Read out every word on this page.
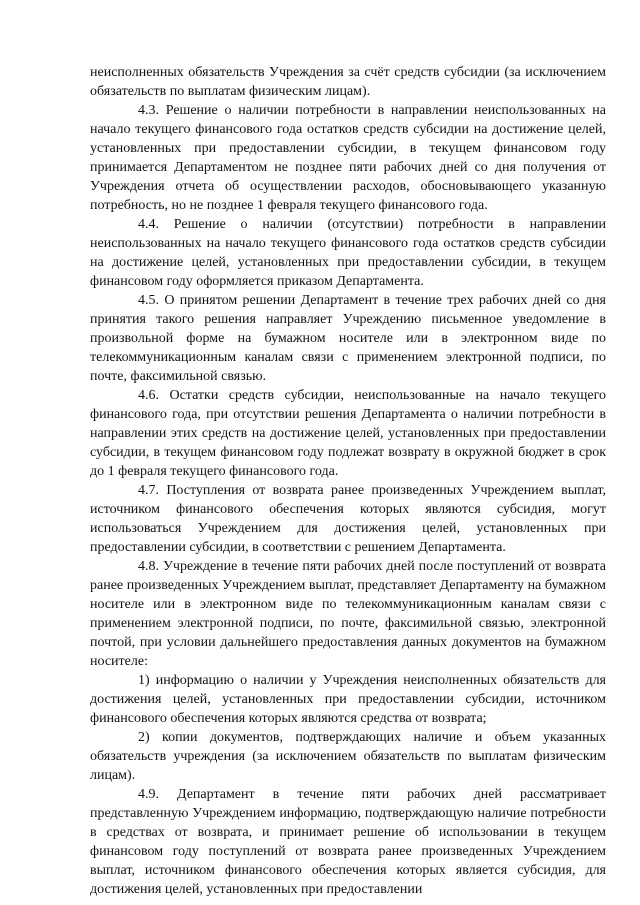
неисполненных обязательств Учреждения за счёт средств субсидии (за исключением обязательств по выплатам физическим лицам).

4.3. Решение о наличии потребности в направлении неиспользованных на начало текущего финансового года остатков средств субсидии на достижение целей, установленных при предоставлении субсидии, в текущем финансовом году принимается Департаментом не позднее пяти рабочих дней со дня получения от Учреждения отчета об осуществлении расходов, обосновывающего указанную потребность, но не позднее 1 февраля текущего финансового года.

4.4. Решение о наличии (отсутствии) потребности в направлении неиспользованных на начало текущего финансового года остатков средств субсидии на достижение целей, установленных при предоставлении субсидии, в текущем финансовом году оформляется приказом Департамента.

4.5. О принятом решении Департамент в течение трех рабочих дней со дня принятия такого решения направляет Учреждению письменное уведомление в произвольной форме на бумажном носителе или в электронном виде по телекоммуникационным каналам связи с применением электронной подписи, по почте, факсимильной связью.

4.6. Остатки средств субсидии, неиспользованные на начало текущего финансового года, при отсутствии решения Департамента о наличии потребности в направлении этих средств на достижение целей, установленных при предоставлении субсидии, в текущем финансовом году подлежат возврату в окружной бюджет в срок до 1 февраля текущего финансового года.

4.7. Поступления от возврата ранее произведенных Учреждением выплат, источником финансового обеспечения которых являются субсидия, могут использоваться Учреждением для достижения целей, установленных при предоставлении субсидии, в соответствии с решением Департамента.

4.8. Учреждение в течение пяти рабочих дней после поступлений от возврата ранее произведенных Учреждением выплат, представляет Департаменту на бумажном носителе или в электронном виде по телекоммуникационным каналам связи с применением электронной подписи, по почте, факсимильной связью, электронной почтой, при условии дальнейшего предоставления данных документов на бумажном носителе:

1) информацию о наличии у Учреждения неисполненных обязательств для достижения целей, установленных при предоставлении субсидии, источником финансового обеспечения которых являются средства от возврата;

2) копии документов, подтверждающих наличие и объем указанных обязательств учреждения (за исключением обязательств по выплатам физическим лицам).

4.9. Департамент в течение пяти рабочих дней рассматривает представленную Учреждением информацию, подтверждающую наличие потребности в средствах от возврата, и принимает решение об использовании в текущем финансовом году поступлений от возврата ранее произведенных Учреждением выплат, источником финансового обеспечения которых является субсидия, для достижения целей, установленных при предоставлении
